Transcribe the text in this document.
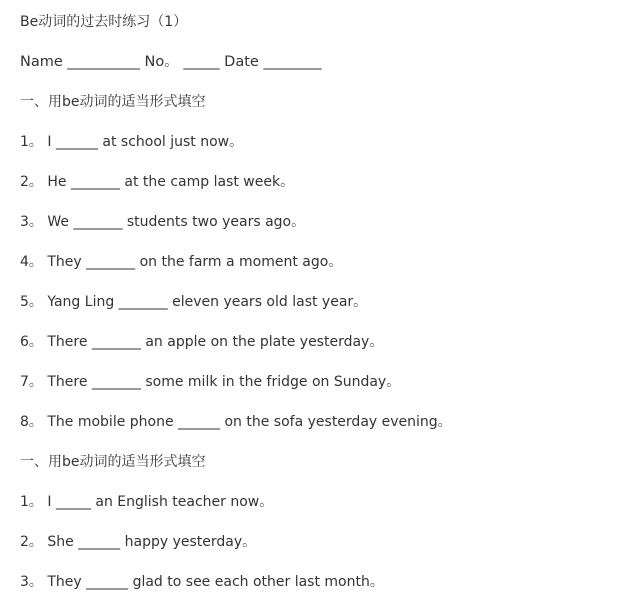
Be动词的过去时练习（1）
Name __________ No。 _____ Date ________
一、用be动词的适当形式填空
1。 I ______ at school just now。
2。 He _______ at the camp last week。
3。 We _______ students two years ago。
4。 They _______ on the farm a moment ago。
5。 Yang Ling _______ eleven years old last year。
6。 There _______ an apple on the plate yesterday。
7。 There _______ some milk in the fridge on Sunday。
8。 The mobile phone ______ on the sofa yesterday evening。
一、用be动词的适当形式填空
1。 I _____ an English teacher now。
2。 She ______ happy yesterday。
3。 They ______ glad to see each other last month。
